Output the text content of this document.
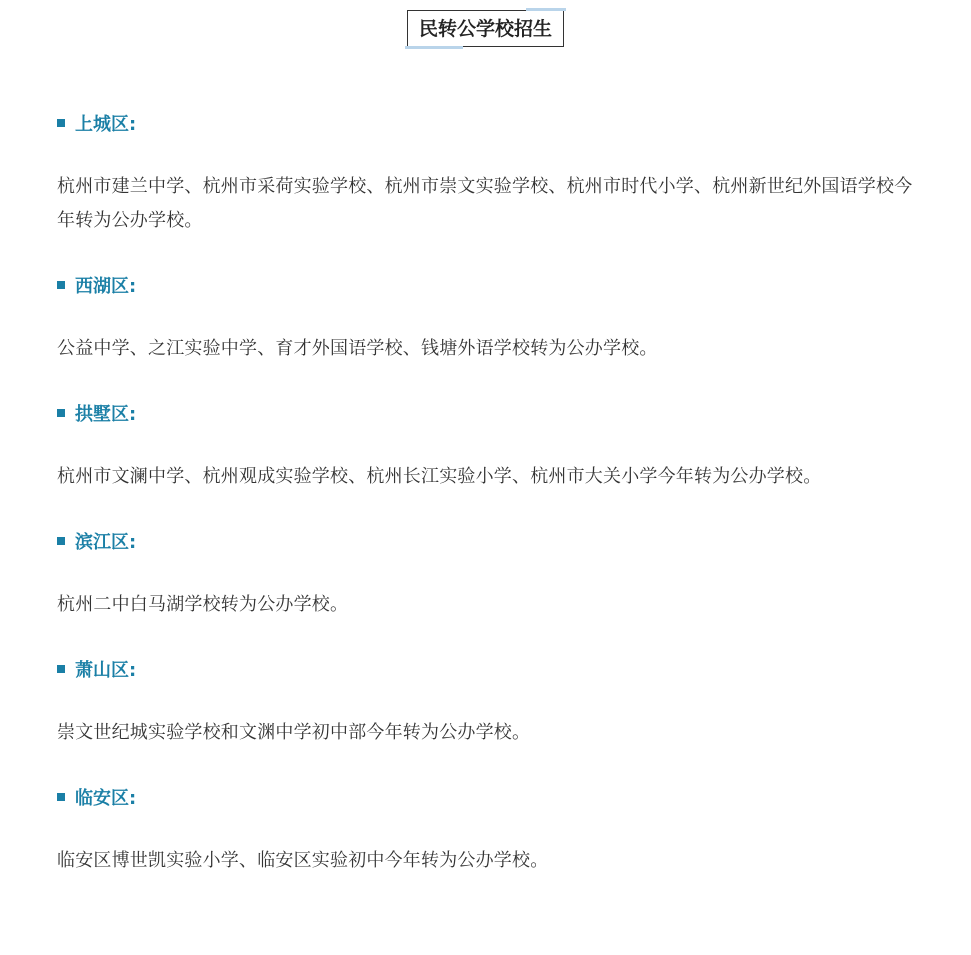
民转公学校招生
上城区:
杭州市建兰中学、杭州市采荷实验学校、杭州市崇文实验学校、杭州市时代小学、杭州新世纪外国语学校今年转为公办学校。
西湖区:
公益中学、之江实验中学、育才外国语学校、钱塘外语学校转为公办学校。
拱墅区:
杭州市文澜中学、杭州观成实验学校、杭州长江实验小学、杭州市大关小学今年转为公办学校。
滨江区:
杭州二中白马湖学校转为公办学校。
萧山区:
崇文世纪城实验学校和文渊中学初中部今年转为公办学校。
临安区:
临安区博世凯实验小学、临安区实验初中今年转为公办学校。
